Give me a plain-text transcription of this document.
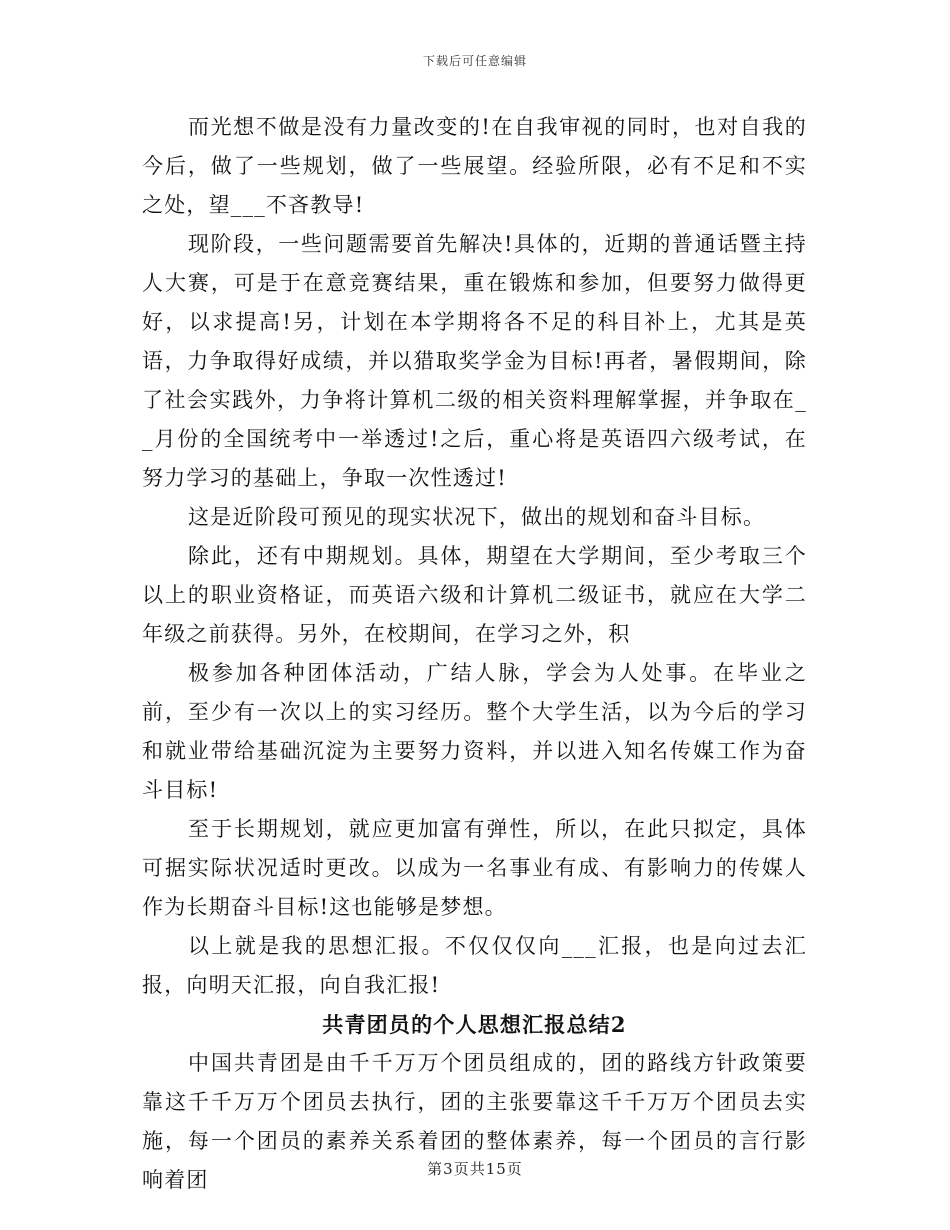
下载后可任意编辑

而光想不做是没有力量改变的!在自我审视的同时，也对自我的今后，做了一些规划，做了一些展望。经验所限，必有不足和不实之处，望___不吝教导!

现阶段，一些问题需要首先解决!具体的，近期的普通话暨主持人大赛，可是于在意竞赛结果，重在锻炼和参加，但要努力做得更好，以求提高!另，计划在本学期将各不足的科目补上，尤其是英语，力争取得好成绩，并以猎取奖学金为目标!再者，暑假期间，除了社会实践外，力争将计算机二级的相关资料理解掌握，并争取在__月份的全国统考中一举透过!之后，重心将是英语四六级考试，在努力学习的基础上，争取一次性透过!

这是近阶段可预见的现实状况下，做出的规划和奋斗目标。

除此，还有中期规划。具体，期望在大学期间，至少考取三个以上的职业资格证，而英语六级和计算机二级证书，就应在大学二年级之前获得。另外，在校期间，在学习之外，积

极参加各种团体活动，广结人脉，学会为人处事。在毕业之前，至少有一次以上的实习经历。整个大学生活，以为今后的学习和就业带给基础沉淀为主要努力资料，并以进入知名传媒工作为奋斗目标!

至于长期规划，就应更加富有弹性，所以，在此只拟定，具体可据实际状况适时更改。以成为一名事业有成、有影响力的传媒人作为长期奋斗目标!这也能够是梦想。

以上就是我的思想汇报。不仅仅仅向___汇报，也是向过去汇报，向明天汇报，向自我汇报!

共青团员的个人思想汇报总结2

中国共青团是由千千万万个团员组成的，团的路线方针政策要靠这千千万万个团员去执行，团的主张要靠这千千万万个团员去实施，每一个团员的素养关系着团的整体素养，每一个团员的言行影响着团	第3页共15页
